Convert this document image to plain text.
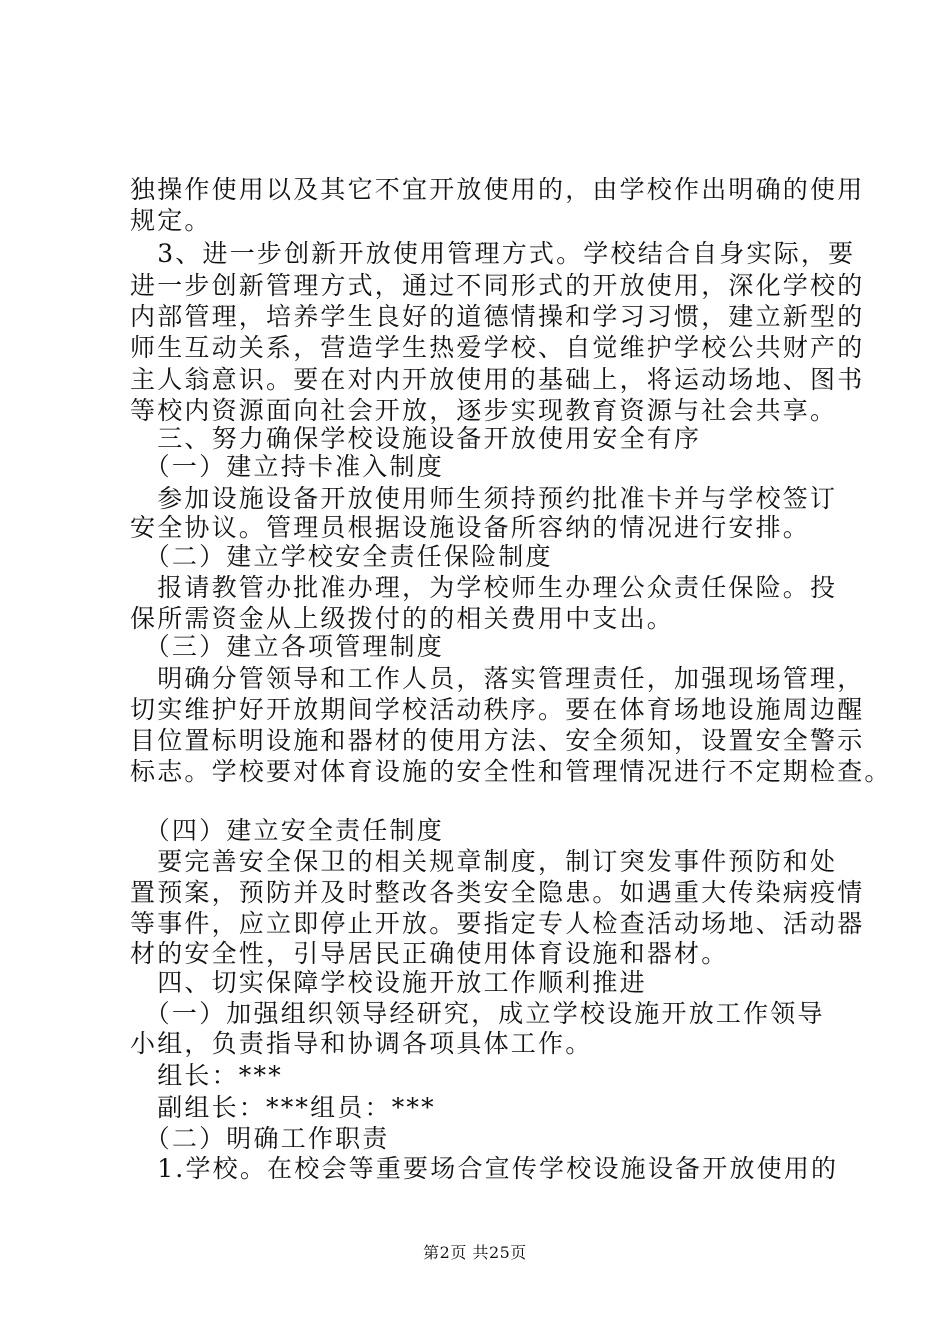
独操作使用以及其它不宜开放使用的，由学校作出明确的使用
规定。
　3、进一步创新开放使用管理方式。学校结合自身实际，要
进一步创新管理方式，通过不同形式的开放使用，深化学校的
内部管理，培养学生良好的道德情操和学习习惯，建立新型的
师生互动关系，营造学生热爱学校、自觉维护学校公共财产的
主人翁意识。要在对内开放使用的基础上，将运动场地、图书
等校内资源面向社会开放，逐步实现教育资源与社会共享。
　三、努力确保学校设施设备开放使用安全有序
　（一）建立持卡准入制度
　参加设施设备开放使用师生须持预约批准卡并与学校签订
安全协议。管理员根据设施设备所容纳的情况进行安排。
　（二）建立学校安全责任保险制度
　报请教管办批准办理，为学校师生办理公众责任保险。投
保所需资金从上级拨付的的相关费用中支出。
　（三）建立各项管理制度
　明确分管领导和工作人员，落实管理责任，加强现场管理，
切实维护好开放期间学校活动秩序。要在体育场地设施周边醒
目位置标明设施和器材的使用方法、安全须知，设置安全警示
标志。学校要对体育设施的安全性和管理情况进行不定期检查。
　（四）建立安全责任制度
　要完善安全保卫的相关规章制度，制订突发事件预防和处
置预案，预防并及时整改各类安全隐患。如遇重大传染病疫情
等事件，应立即停止开放。要指定专人检查活动场地、活动器
材的安全性，引导居民正确使用体育设施和器材。
　四、切实保障学校设施开放工作顺利推进
　（一）加强组织领导经研究，成立学校设施开放工作领导
小组，负责指导和协调各项具体工作。
　组长：***
　副组长：***组员：***
　（二）明确工作职责
　1.学校。在校会等重要场合宣传学校设施设备开放使用的
第2页 共25页
